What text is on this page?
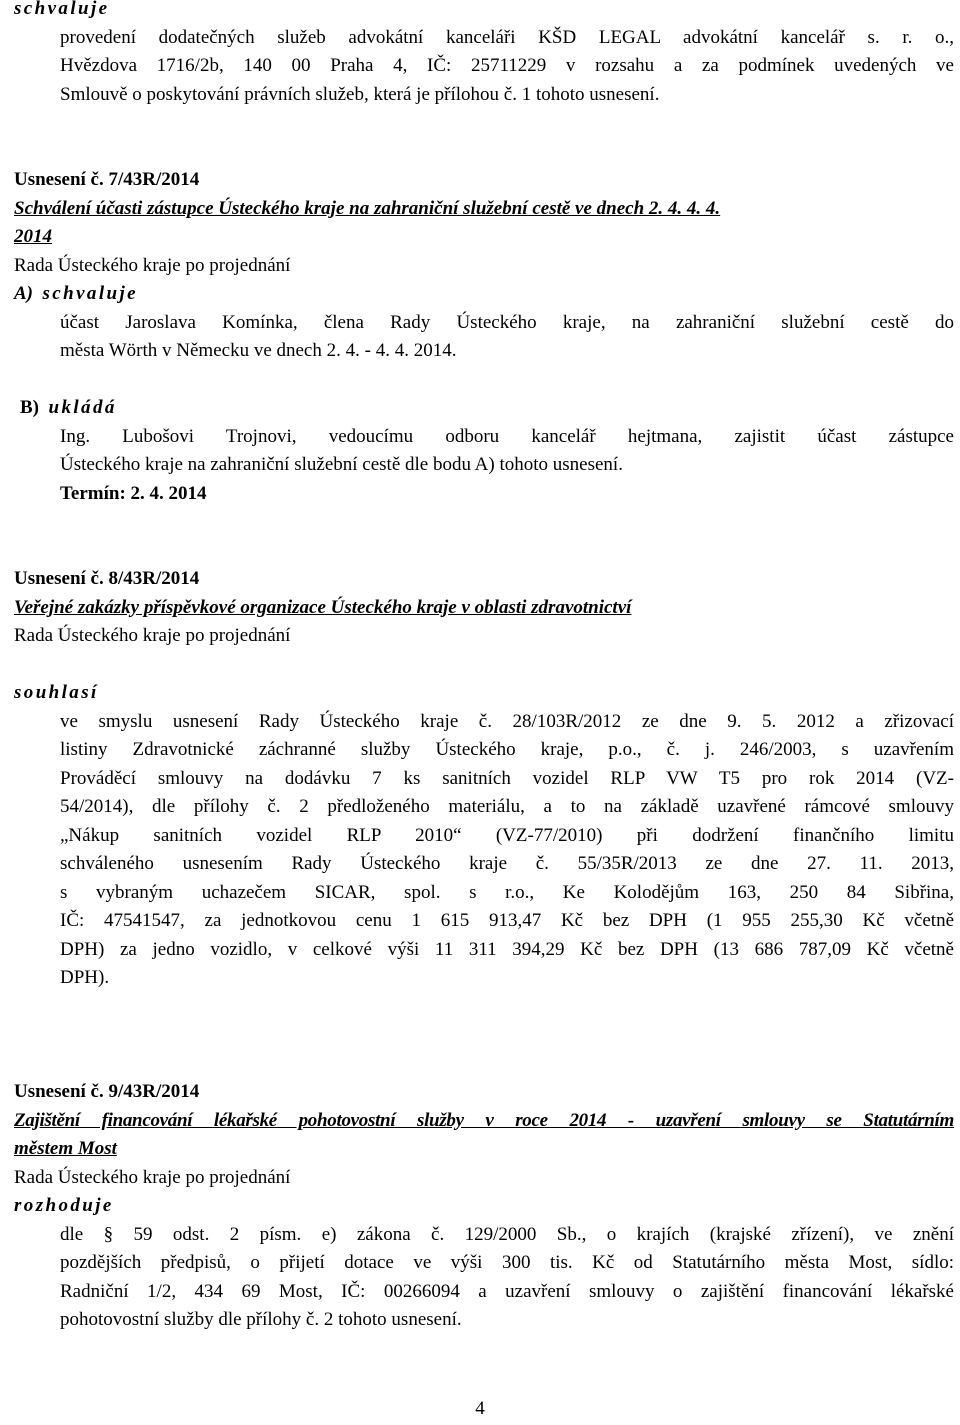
schvaluje
provedení dodatečných služeb advokátní kanceláři KŠD LEGAL advokátní kancelář s. r. o.,
Hvězdova 1716/2b, 140 00 Praha 4, IČ: 25711229 v rozsahu a za podmínek uvedených ve
Smlouvě o poskytování právních služeb, která je přílohou č. 1 tohoto usnesení.
Usnesení č. 7/43R/2014
Schválení účasti zástupce Ústeckého kraje na zahraniční služební cestě ve dnech 2. 4. 4. 4.
2014
Rada Ústeckého kraje po projednání
A) schvaluje
účast Jaroslava Komínka, člena Rady Ústeckého kraje, na zahraniční služební cestě do
města Wörth v Německu ve dnech 2. 4. - 4. 4. 2014.
B) ukládá
Ing. Lubošovi Trojnovi, vedoucímu odboru kancelář hejtmana, zajistit účast zástupce
Ústeckého kraje na zahraniční služební cestě dle bodu A) tohoto usnesení.
Termín: 2. 4. 2014
Usnesení č. 8/43R/2014
Veřejné zakázky příspěvkové organizace Ústeckého kraje v oblasti zdravotnictví
Rada Ústeckého kraje po projednání
souhlasí
ve smyslu usnesení Rady Ústeckého kraje č. 28/103R/2012 ze dne 9. 5. 2012 a zřizovací
listiny Zdravotnické záchranné služby Ústeckého kraje, p.o., č. j. 246/2003, s uzavřením
Prováděcí smlouvy na dodávku 7 ks sanitních vozidel RLP VW T5 pro rok 2014 (VZ-
54/2014), dle přílohy č. 2 předloženého materiálu, a to na základě uzavřené rámcové smlouvy
„Nákup sanitních vozidel RLP 2010“ (VZ-77/2010) při dodržení finančního limitu
schváleného usnesením Rady Ústeckého kraje č. 55/35R/2013 ze dne 27. 11. 2013,
s vybraným uchazečem SICAR, spol. s r.o., Ke Kolodějům 163, 250 84 Sibřina,
IČ: 47541547, za jednotkovou cenu 1 615 913,47 Kč bez DPH (1 955 255,30 Kč včetně
DPH) za jedno vozidlo, v celkové výši 11 311 394,29 Kč bez DPH (13 686 787,09 Kč včetně
DPH).
Usnesení č. 9/43R/2014
Zajištění financování lékařské pohotovostní služby v roce 2014 - uzavření smlouvy se Statutárním
městem Most
Rada Ústeckého kraje po projednání
rozhoduje
dle § 59 odst. 2 písm. e) zákona č. 129/2000 Sb., o krajích (krajské zřízení), ve znění
pozdějších předpisů, o přijetí dotace ve výši 300 tis. Kč od Statutárního města Most, sídlo:
Radniční 1/2, 434 69 Most, IČ: 00266094 a uzavření smlouvy o zajištění financování lékařské
pohotovostní služby dle přílohy č. 2 tohoto usnesení.
4
